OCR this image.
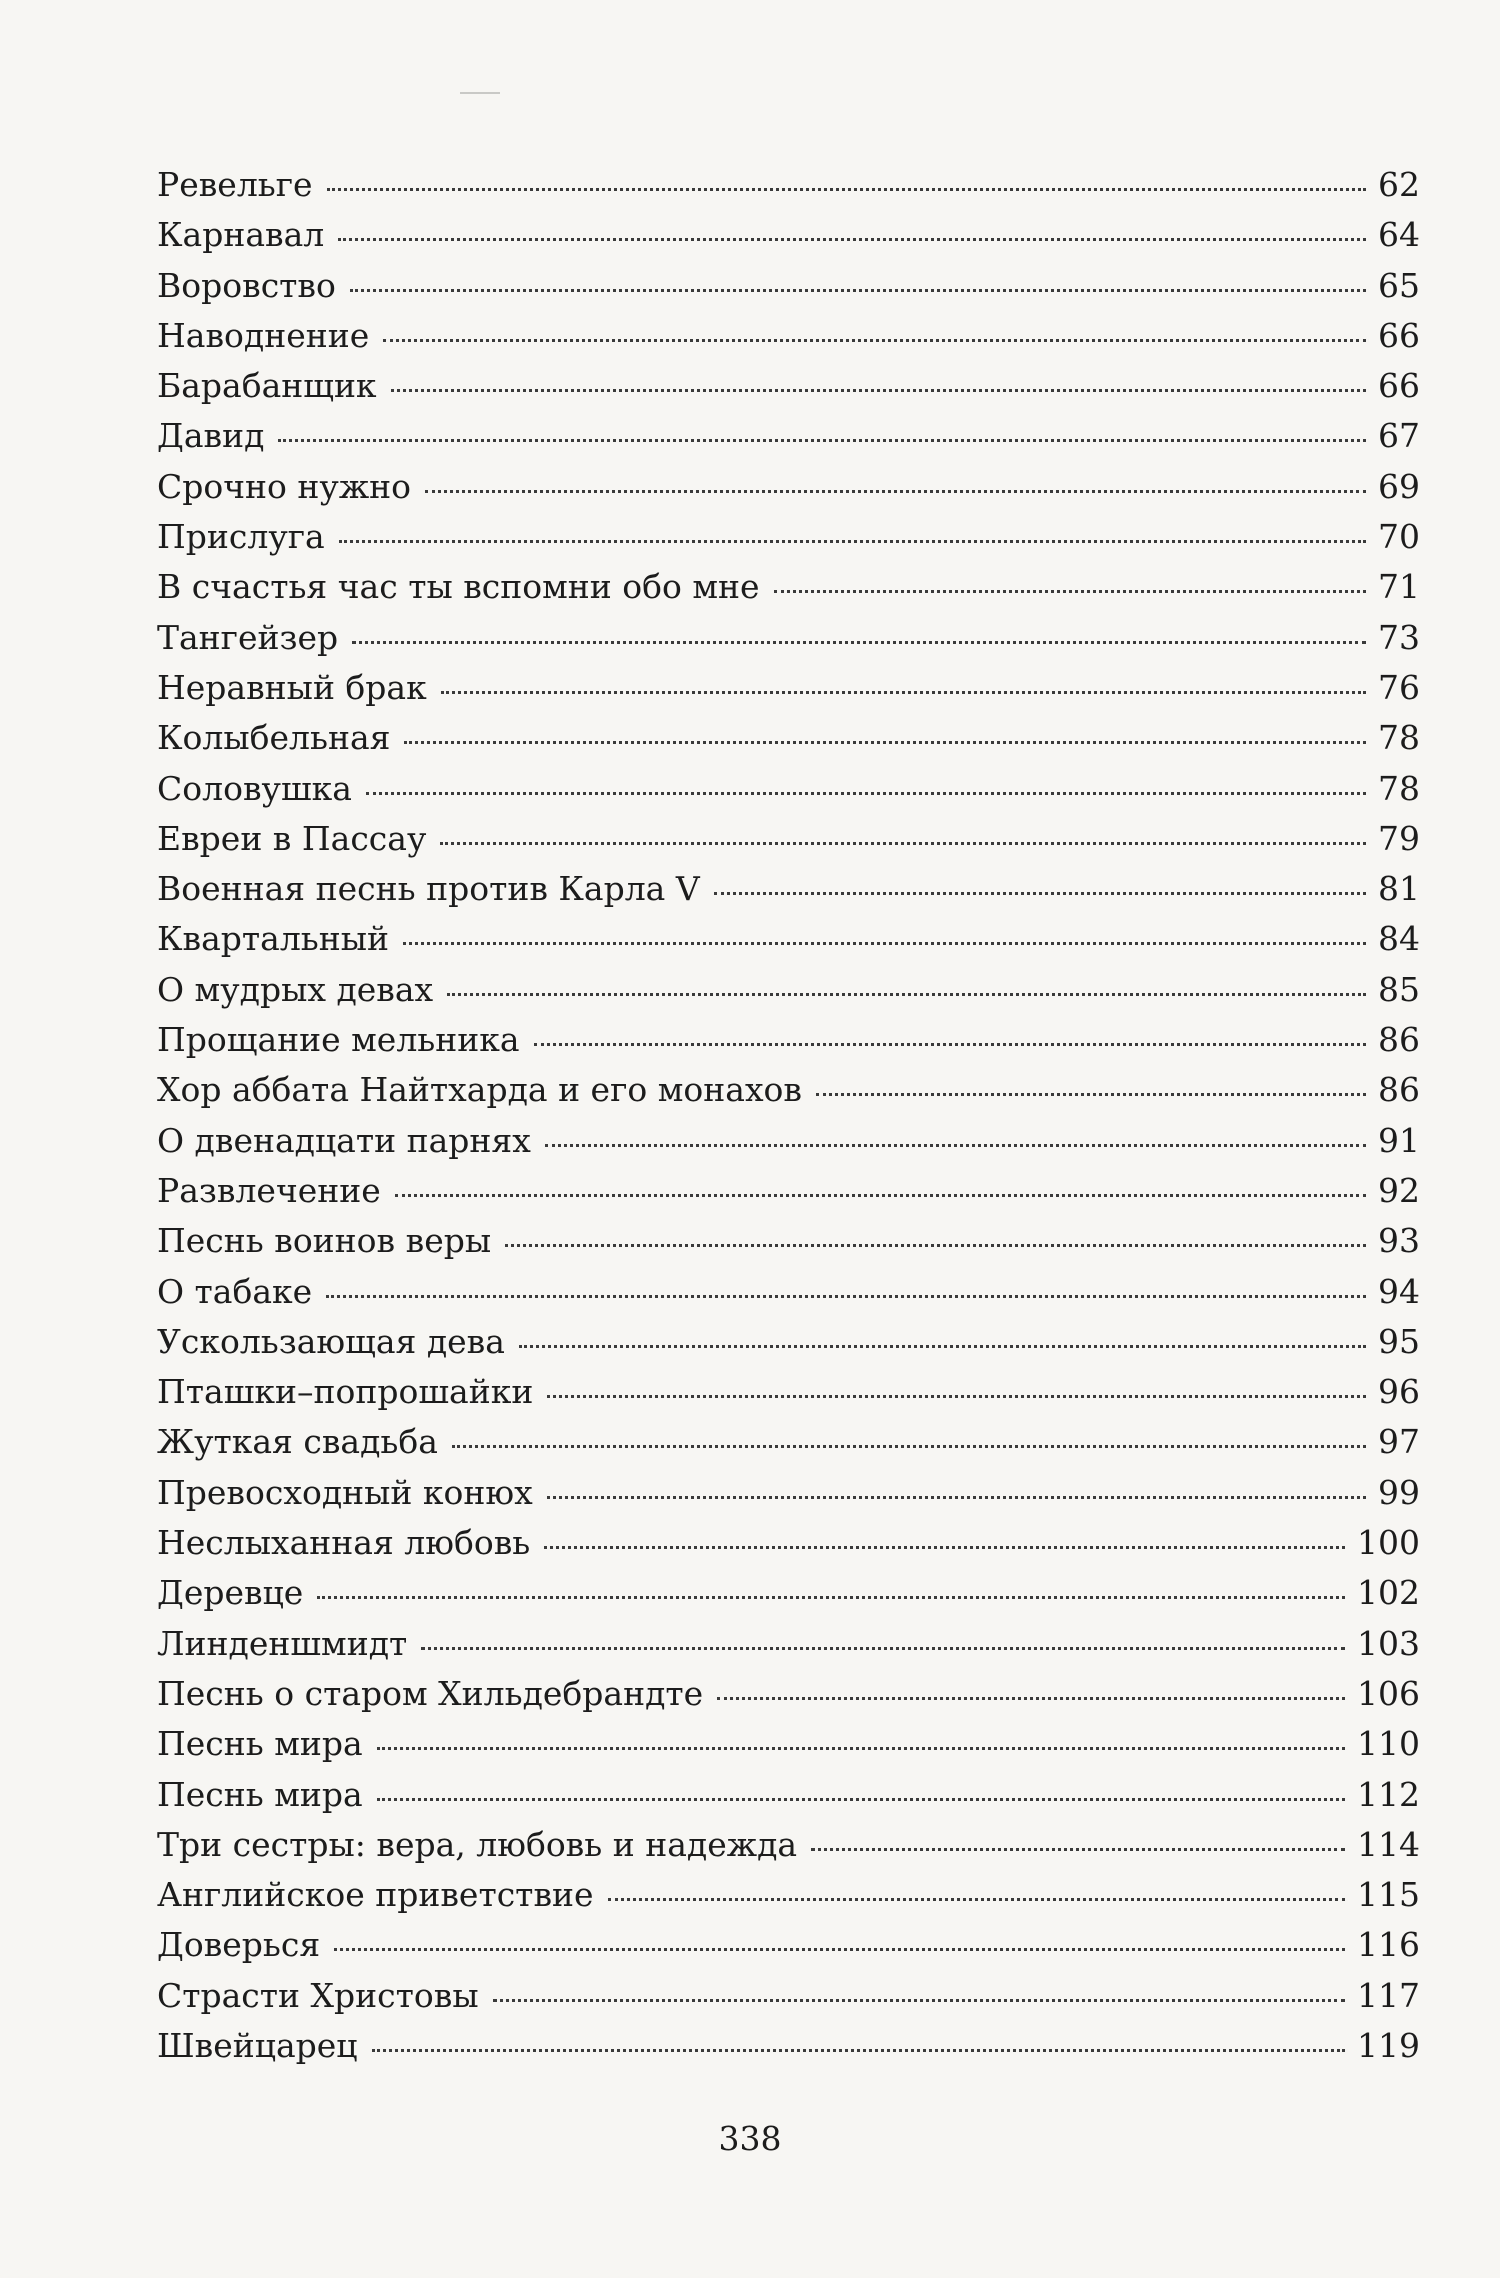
Ревельге	62
Карнавал	64
Воровство	65
Наводнение	66
Барабанщик	66
Давид	67
Срочно нужно	69
Прислуга	70
В счастья час ты вспомни обо мне	71
Тангейзер	73
Неравный брак	76
Колыбельная	78
Соловушка	78
Евреи в Пассау	79
Военная песнь против Карла V	81
Квартальный	84
О мудрых девах	85
Прощание мельника	86
Хор аббата Найтхарда и его монахов	86
О двенадцати парнях	91
Развлечение	92
Песнь воинов веры	93
О табаке	94
Ускользающая дева	95
Пташки–попрошайки	96
Жуткая свадьба	97
Превосходный конюх	99
Неслыханная любовь	100
Деревце	102
Линденшмидт	103
Песнь о старом Хильдебрандте	106
Песнь мира	110
Песнь мира	112
Три сестры: вера, любовь и надежда	114
Английское приветствие	115
Доверься	116
Страсти Христовы	117
Швейцарец	119
338
